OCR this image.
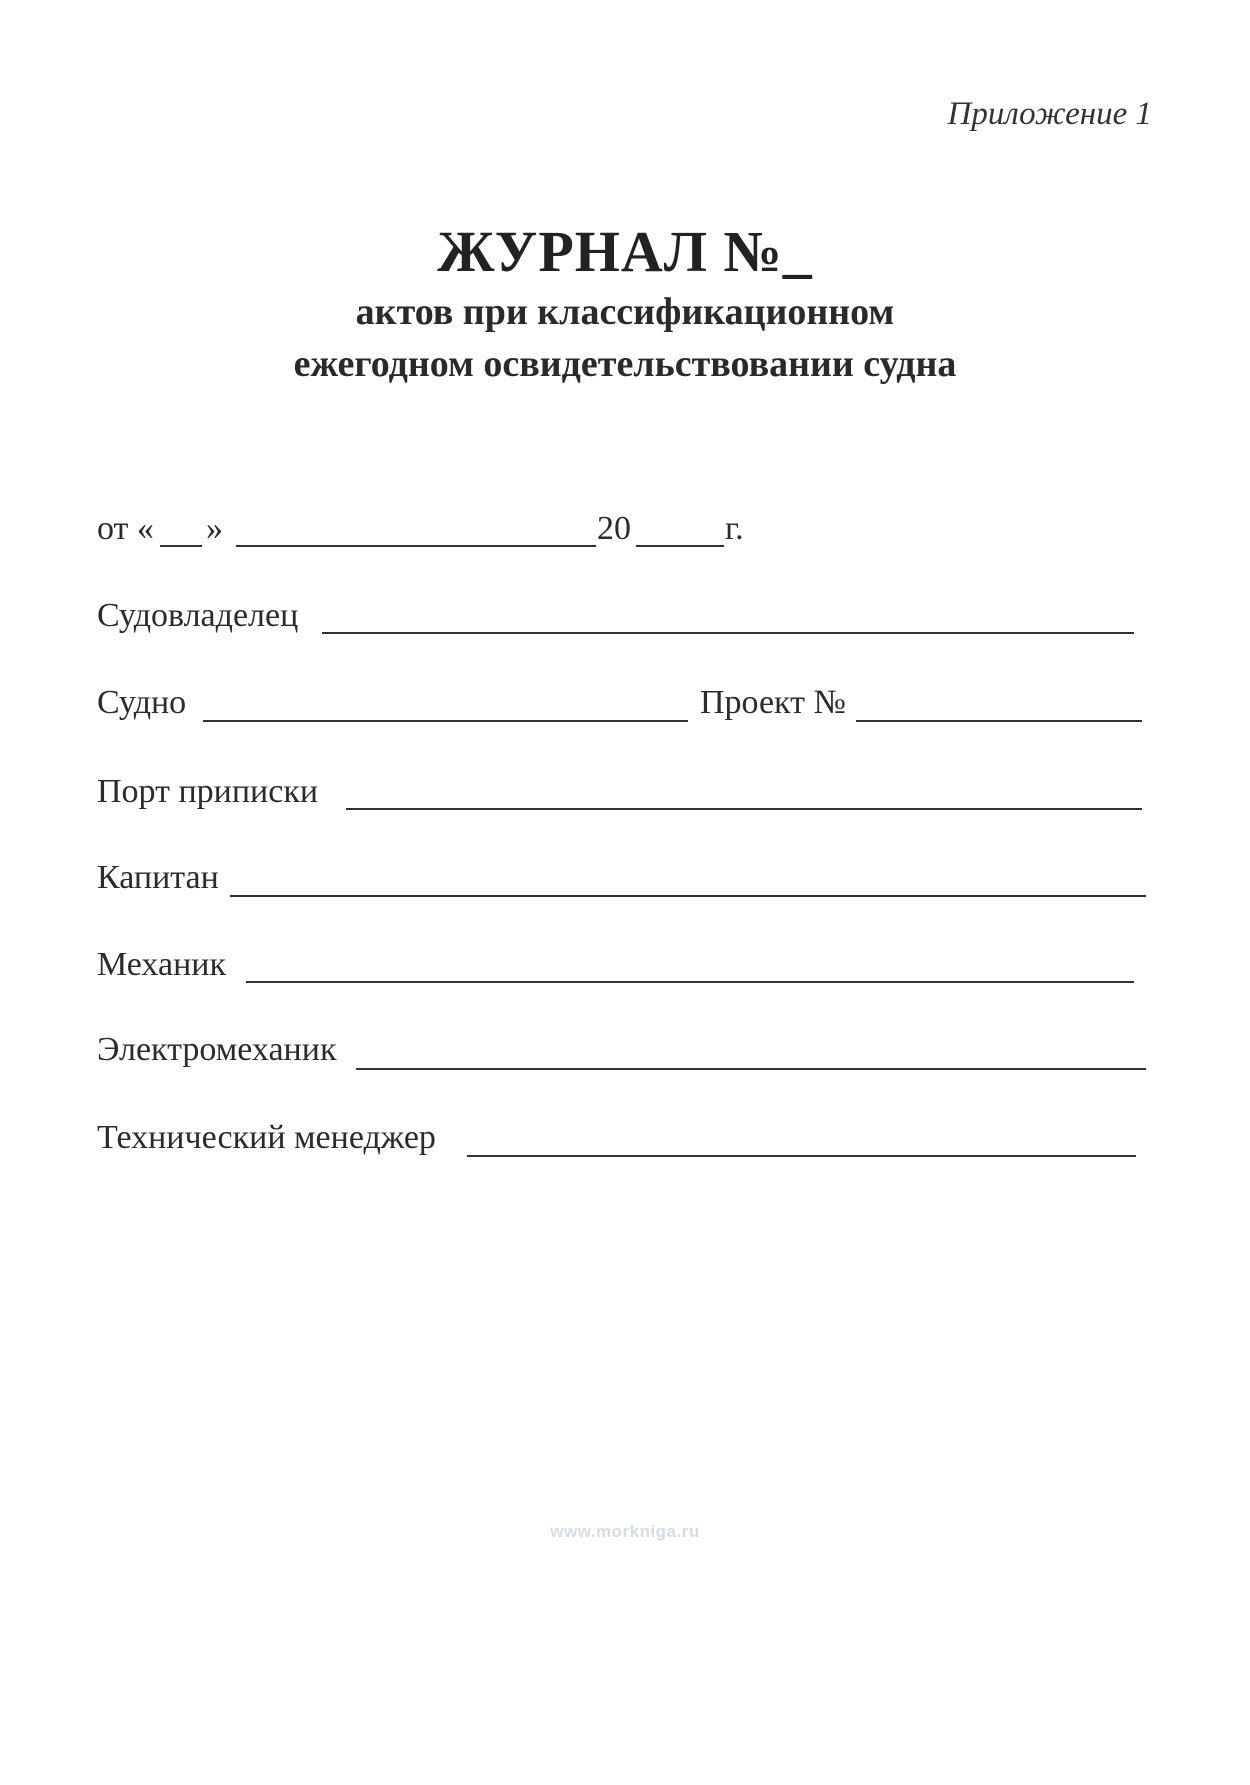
Приложение 1
ЖУРНАЛ №_
актов при классификационном
ежегодном освидетельствовании судна
от « »	20	г.
Судовладелец
Судно	Проект №
Порт приписки
Капитан
Механик
Электромеханик
Технический менеджер
www.morkniga.ru
